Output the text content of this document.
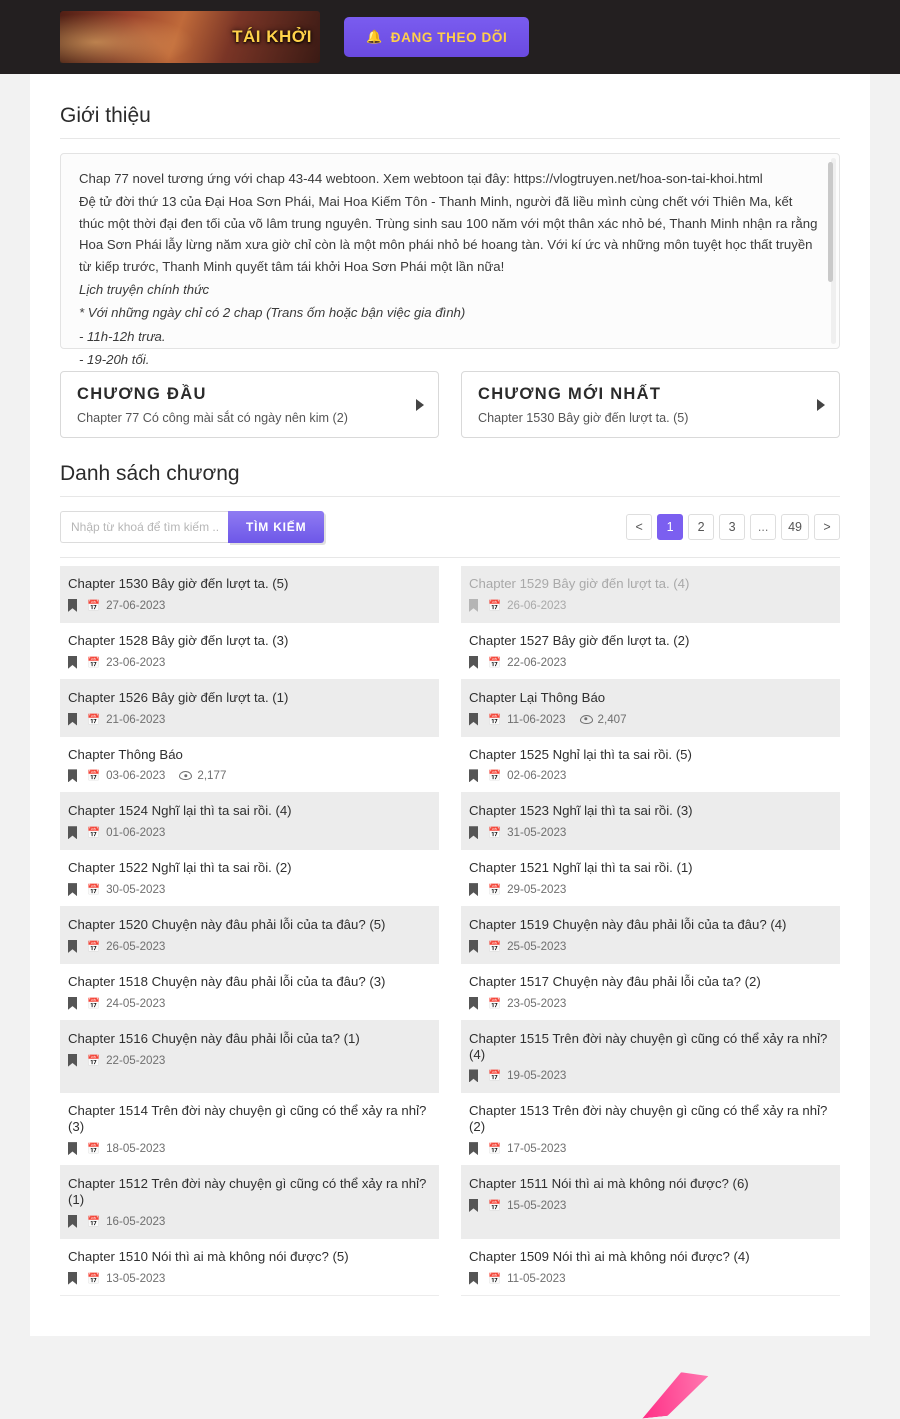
TÁI KHỞI	🔔 ĐANG THEO DÕI
Giới thiệu

Chap 77 novel tương ứng với chap 43-44 webtoon. Xem webtoon tại đây: https://vlogtruyen.net/hoa-son-tai-khoi.html

Đệ tử đời thứ 13 của Đại Hoa Sơn Phái, Mai Hoa Kiếm Tôn - Thanh Minh, người đã liều mình cùng chết với Thiên Ma, kết thúc một thời đại đen tối của võ lâm trung nguyên. Trùng sinh sau 100 năm với một thân xác nhỏ bé, Thanh Minh nhận ra rằng Hoa Sơn Phái lẫy lừng năm xưa giờ chỉ còn là một môn phái nhỏ bé hoang tàn. Với kí ức và những môn tuyệt học thất truyền từ kiếp trước, Thanh Minh quyết tâm tái khởi Hoa Sơn Phái một lần nữa!

Lịch truyện chính thức

* Với những ngày chỉ có 2 chap (Trans ốm hoặc bận việc gia đình)

- 11h-12h trưa.

- 19-20h tối.

CHƯƠNG ĐẦU
Chapter 77 Có công mài sắt có ngày nên kim (2)
CHƯƠNG MỚI NHẤT
Chapter 1530 Bây giờ đến lượt ta. (5)
Danh sách chương
Nhập từ khoá để tìm kiếm ...
TÌM KIẾM	<	1	2	3	...	49	>
Chapter 1530 Bây giờ đến lượt ta. (5)
📅 27-06-2023
Chapter 1529 Bây giờ đến lượt ta. (4)
📅 26-06-2023
Chapter 1528 Bây giờ đến lượt ta. (3)
📅 23-06-2023
Chapter 1527 Bây giờ đến lượt ta. (2)
📅 22-06-2023
Chapter 1526 Bây giờ đến lượt ta. (1)
📅 21-06-2023
Chapter Lại Thông Báo
📅 11-06-2023	2,407
Chapter Thông Báo
📅 03-06-2023	2,177
Chapter 1525 Nghỉ lại thì ta sai rồi. (5)
📅 02-06-2023
Chapter 1524 Nghĩ lại thì ta sai rồi. (4)
📅 01-06-2023
Chapter 1523 Nghĩ lại thì ta sai rồi. (3)
📅 31-05-2023
Chapter 1522 Nghĩ lại thì ta sai rồi. (2)
📅 30-05-2023
Chapter 1521 Nghĩ lại thì ta sai rồi. (1)
📅 29-05-2023
Chapter 1520 Chuyện này đâu phải lỗi của ta đâu? (5)
📅 26-05-2023
Chapter 1519 Chuyện này đâu phải lỗi của ta đâu? (4)
📅 25-05-2023
Chapter 1518 Chuyện này đâu phải lỗi của ta đâu? (3)
📅 24-05-2023
Chapter 1517 Chuyện này đâu phải lỗi của ta? (2)
📅 23-05-2023
Chapter 1516 Chuyện này đâu phải lỗi của ta? (1)
📅 22-05-2023
Chapter 1515 Trên đời này chuyện gì cũng có thể xảy ra nhỉ? (4)
📅 19-05-2023
Chapter 1514 Trên đời này chuyện gì cũng có thể xảy ra nhỉ? (3)
📅 18-05-2023
Chapter 1513 Trên đời này chuyện gì cũng có thể xảy ra nhỉ? (2)
📅 17-05-2023
Chapter 1512 Trên đời này chuyện gì cũng có thể xảy ra nhỉ? (1)
📅 16-05-2023
Chapter 1511 Nói thì ai mà không nói được? (6)
📅 15-05-2023
Chapter 1510 Nói thì ai mà không nói được? (5)
📅 13-05-2023
Chapter 1509 Nói thì ai mà không nói được? (4)
📅 11-05-2023
